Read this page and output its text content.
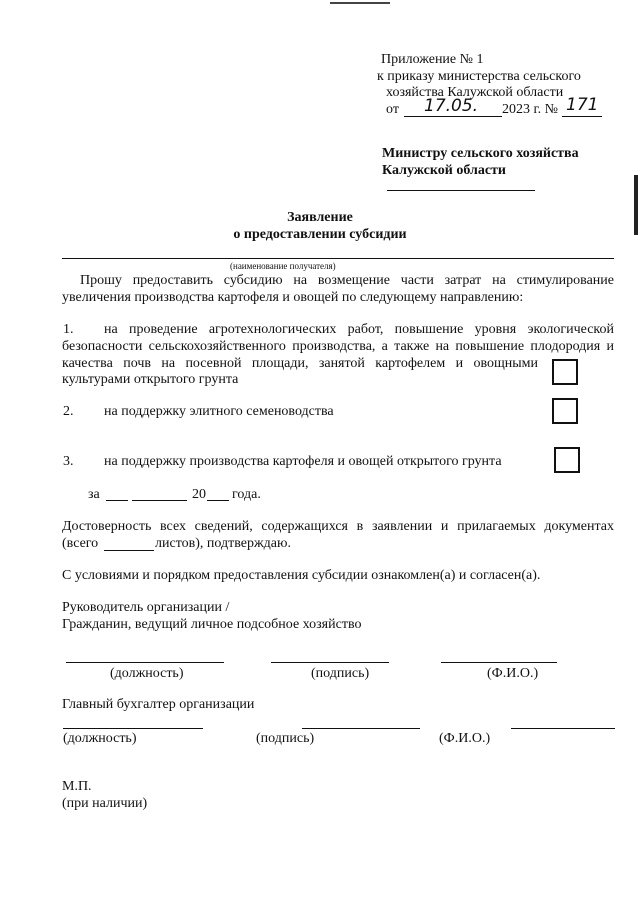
Приложение № 1
к приказу министерства сельского
хозяйства Калужской области
от 17.05. 2023 г. № 171
Министру сельского хозяйства
Калужской области
Заявление
о предоставлении субсидии
(наименование получателя)
Прошу предоставить субсидию на возмещение части затрат на стимулирование
увеличения производства картофеля и овощей по следующему направлению:
1. на проведение агротехнологических работ, повышение уровня экологической
безопасности сельскохозяйственного производства, а также на повышение плодородия и
качества почв на посевной площади, занятой картофелем и овощными
культурами открытого грунта
2. на поддержку элитного семеноводства
3. на поддержку производства картофеля и овощей открытого грунта
за	20 года.
Достоверность всех сведений, содержащихся в заявлении и прилагаемых документах
(всего	листов), подтверждаю.
С условиями и порядком предоставления субсидии ознакомлен(а) и согласен(а).
Руководитель организации /
Гражданин, ведущий личное подсобное хозяйство
(должность)	(подпись)	(Ф.И.О.)
Главный бухгалтер организации
(должность)	(подпись)	(Ф.И.О.)
М.П.
(при наличии)
